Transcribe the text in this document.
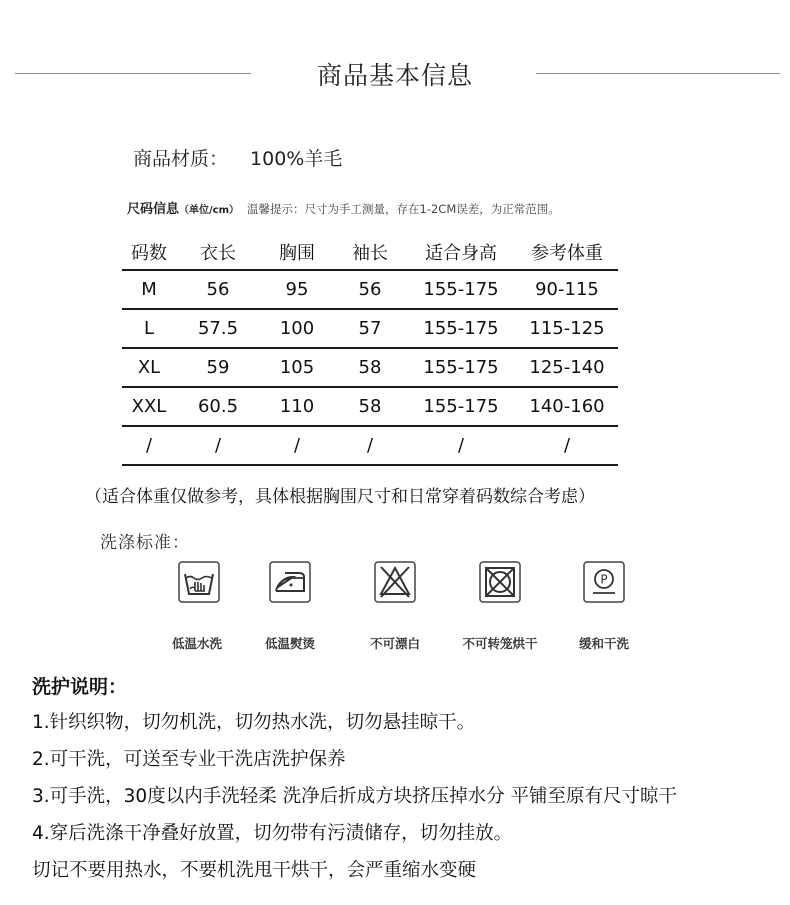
商品基本信息
商品材质： 100%羊毛
尺码信息（单位/cm） 温馨提示：尺寸为手工测量，存在1-2CM误差，为正常范围。
码数	衣长	胸围	袖长	适合身高	参考体重
M	56	95	56	155-175	90-115
L	57.5	100	57	155-175	115-125
XL	59	105	58	155-175	125-140
XXL	60.5	110	58	155-175	140-160
/	/	/	/	/	/
（适合体重仅做参考，具体根据胸围尺寸和日常穿着码数综合考虑）
洗涤标准：
低温水洗	低温熨烫	不可漂白	不可转笼烘干
P
缓和干洗
洗护说明：
1.针织织物，切勿机洗，切勿热水洗，切勿悬挂晾干。
2.可干洗，可送至专业干洗店洗护保养
3.可手洗，30度以内手洗轻柔 洗净后折成方块挤压掉水分 平铺至原有尺寸晾干
4.穿后洗涤干净叠好放置，切勿带有污渍储存，切勿挂放。
切记不要用热水，不要机洗甩干烘干，会严重缩水变硬
